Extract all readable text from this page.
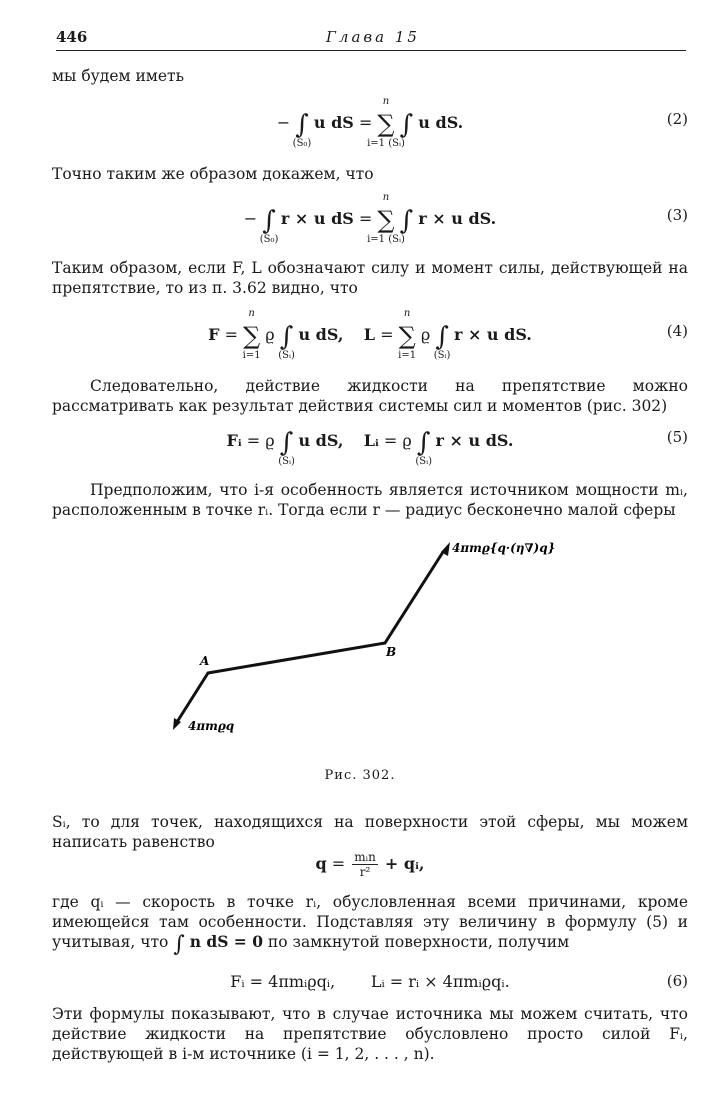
446	Глава 15
мы будем иметь
− ∫
(S₀)
u dS =
n
∑
i=1 (Sᵢ)
∫ u dS.	(2)
Точно таким же образом докажем, что
− ∫
(S₀)
r × u dS =
n
∑
i=1 (Sᵢ)
∫ r × u dS.	(3)
Таким образом, если F, L обозначают силу и момент силы, действующей на препятствие, то из п. 3.62 видно, что
F =
n
∑
i=1
ϱ ∫
(Sᵢ)
u dS, L =
n
∑
i=1
ϱ ∫
(Sᵢ)
r × u dS.	(4)
Следовательно, действие жидкости на препятствие можно рассматривать как результат действия системы сил и моментов (рис. 302)
Fᵢ = ϱ ∫
(Sᵢ)
u dS, Lᵢ = ϱ ∫
(Sᵢ)
r × u dS.	(5)
Предположим, что i-я особенность является источником мощности mᵢ, расположенным в точке rᵢ. Тогда если r — радиус бесконечно малой сферы
4πmϱ{q·(η∇)q}
A
B
4πmϱq
Рис. 302.
Sᵢ, то для точек, находящихся на поверхности этой сферы, мы можем написать равенство
$q = \frac{\text{mᵢn}}{\text{r²}}$ + qᵢ,
где qᵢ — скорость в точке rᵢ, обусловленная всеми причинами, кроме имеющейся там особенности. Подставляя эту величину в формулу (5) и учитывая, что ∫ n dS = 0 по замкнутой поверхности, получим
Fᵢ = 4πmᵢϱqᵢ, Lᵢ = rᵢ × 4πmᵢϱqᵢ.	(6)
Эти формулы показывают, что в случае источника мы можем считать, что действие жидкости на препятствие обусловлено просто силой Fᵢ, действующей в i-м источнике (i = 1, 2, . . . , n).
